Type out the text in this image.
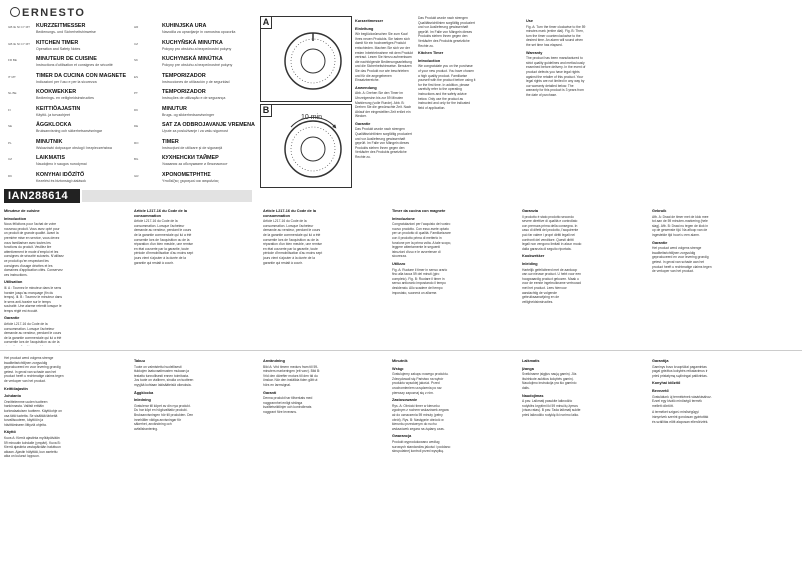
ERNESTO
GB IE NI CY MT	KURZZEITMESSER
Bedienungs- und Sicherheitshinweise
GB IE NI CY MT	KITCHEN TIMER
Operation and Safety Notes
FR BE	MINUTEUR DE CUISINE
Instructions d'utilisation et consignes de sécurité
IT MT	TIMER DA CUCINA CON MAGNETE
Indicazioni per l'uso e per la sicurezza
NL BE	KOOKWEKKER
Bedienings- en veiligheidsinstructies
FI	KEITTIÖAJASTIN
Käyttö- ja turvaohjeet
SE	ÄGGKLOCKA
Bruksanvisning och säkerhetsanvisningar
PL	MINUTNIK
Wskazówki dotyczące obsługi i bezpieczeństwa
CZ	LAIKMATIS
Naudojimo ir saugos nurodymai
DK	KONYHAI IDŐZÍTŐ
Kezelési és biztonsági utalások
HR	KUHINJSKA URA
Navodila za upravljanje in varnostna opozorila
CZ	KUCHYŇSKÁ MINUTKA
Pokyny pro obsluhu a bezpečnostní pokyny
SK	KUCHYNSKÁ MINÚTKA
Pokyny pre obsluhu a bezpečnostné pokyny
ES	TEMPORIZADOR
Instrucciones de utilización y de seguridad
PT	TEMPORIZADOR
Instruções de utilização e de segurança
DK	MINUTUR
Brugs- og sikkerhedsanvisninger
DE	SAT ZA ODBROJAVANJE VREMENA
Upute za posluživanje i za vašu sigurnost
RO	TIMER
Instrucţiuni de utilizare şi de siguranţă
BG	КУХНЕНСКИ ТАЙМЕР
Указания за обслужване и безопасност
GR	ΧΡΟΝΟΜΕΤΡΗΤΗΣ
Υποδείξεις χειρισμού και ασφαλείας
IAN288614
A
10 min
B
Kurzzeitmesser
Einleitung

Wir beglückwünschen Sie zum Kauf Ihres neuen Produkts. Sie haben sich damit für ein hochwertiges Produkt entschieden. Machen Sie sich vor der ersten Inbetriebnahme mit dem Produkt vertraut. Lesen Sie hierzu aufmerksam die nachfolgende Bedienungsanleitung und die Sicherheitshinweise. Benutzen Sie das Produkt nur wie beschrieben und für die angegebenen Einsatzbereiche.

Anwendung

Abb. A: Drehen Sie den Timer im Uhrzeigersinn bis zur 59 Minuten Markierung (volle Runde). Abb. B: Drehen Sie die gewünschte Zeit. Nach Ablauf der eingestellten Zeit ertönt ein Wecker.

Garantie

Das Produkt wurde nach strengen Qualitätsrichtlinien sorgfältig produziert und vor Auslieferung gewissenhaft geprüft. Im Falle von Mängeln dieses Produkts stehen Ihnen gegen den Verkäufer des Produkts gesetzliche Rechte zu.

Das Produkt wurde nach strengen Qualitätsrichtlinien sorgfältig produziert und vor Auslieferung gewissenhaft geprüft. Im Falle von Mängeln dieses Produkts stehen Ihnen gegen den Verkäufer des Produkts gesetzliche Rechte zu.

Kitchen Timer
Introduction

We congratulate you on the purchase of your new product. You have chosen a high quality product. Familiarise yourself with the product before using it for the first time. In addition, please carefully refer to the operating instructions and the safety advice below. Only use the product as instructed and only for the indicated field of application.

Use

Fig. A: Turn the timer clockwise to the 59 minutes mark (entire dial). Fig. B: Then, turn the timer counterclockwise to the desired time. An alarm will sound when the set time has elapsed.

Warranty

The product has been manufactured to strict quality guidelines and meticulously examined before delivery. In the event of product defects you have legal rights against the retailer of this product. Your legal rights are not limited in any way by our warranty detailed below. The warranty for this product is 3 years from the date of purchase.

Minuteur de cuisine
Introduction

Nous félicitons pour l'achat de votre nouveau produit. Vous avez opté pour un produit de grande qualité. Avant la première mise en service, vous devez vous familiariser avec toutes les fonctions du produit. Veuillez lire attentivement le mode d'emploi et les consignes de sécurité suivants. N'utilisez ce produit qu'en respectant les consignes d'usage décrites et les domaines d'application cités. Conservez ces instructions.

Utilisation

Ill. A : Tournez le minuteur dans le sens horaire jusqu'au marquage (fin du temps). Ill. B : Tournez le minuteur dans le sens anti-horaire sur le temps souhaité. Une alarme retentit lorsque le temps réglé est écoulé.

Garantie

Article L217-16 du Code de la consommation. Lorsque l'acheteur demande au vendeur, pendant le cours de la garantie commerciale qui lui a été consentie lors de l'acquisition ou de la

Article L217-16 du Code de la consommation

Article L217-16 du Code de la consommation. Lorsque l'acheteur demande au vendeur, pendant le cours de la garantie commerciale qui lui a été consentie lors de l'acquisition ou de la réparation d'un bien meuble, une remise en état couverte par la garantie, toute période d'immobilisation d'au moins sept jours vient s'ajouter à la durée de la garantie qui restait à courir.

Article L217-16 du Code de la consommation

Article L217-16 du Code de la consommation. Lorsque l'acheteur demande au vendeur, pendant le cours de la garantie commerciale qui lui a été consentie lors de l'acquisition ou de la réparation d'un bien meuble, une remise en état couverte par la garantie, toute période d'immobilisation d'au moins sept jours vient s'ajouter à la durée de la garantie qui restait à courir.

Timer da cucina con magnete
Introduzione

Congratulazioni per l'acquisto del vostro nuovo prodotto. Con esso avete optato per un prodotto di qualità. Familiarizzare con il prodotto prima di metterlo in funzione per la prima volta. A tale scopo, leggere attentamente le seguenti istruzioni d'uso e le avvertenze di sicurezza.

Utilizzo

Fig. A: Ruotare il timer in senso orario fino alla tacca 59 del minuti (giro completo). Fig. B: Ruotare il timer in senso antiorario impostando il tempo desiderato. Allo scadere del tempo impostato, suonerà un allarme.

Garanzia

Il prodotto è stato prodotto secondo severe direttive di qualità e controllato con premura prima della consegna. In caso di difetti del prodotto, l'acquirente può far valere i propri diritti legali nei confronti del venditore. Questi diritti legali non vengono limitati in alcun modo dalla garanzia di seguito riportata.

Kookwekker
Inleiding

Hartelijk gefeliciteerd met de aankoop van uw nieuwe product. U hebt voor een hoogwaardig product gekozen. Maak u voor de eerste ingebruikname vertrouwd met het product. Lees hiervoor aandachtig de volgende gebruiksaanwijzing en de veiligheidsinstructies.

Gebruik

Afb. A: Draai de timer met de klok mee tot aan de 59 minuten-markering (hele slag). Afb. B: Draai nu tegen de klok in op de gewenste tijd. Na afloop van de ingestelde tijd hoort u een alarm.

Garantie

Het product werd volgens strenge kwaliteitsrichtlijnen zorgvuldig geproduceerd en voor levering grondig getest. In geval van schade aan het product heeft u rechtmatige claims tegen de verkoper van het product.

Het product werd volgens strenge kwaliteitsrichtlijnen zorgvuldig geproduceerd en voor levering grondig getest. In geval van schade aan het product heeft u rechtmatige claims tegen de verkoper van het product.

Keittiöajastin
Johdanto

Onnittelemme uuden tuotteen hankinnasta. Valitsit erittäin korkealaatuisen tuotteen. Käyttöohje on osa tätä tuotetta. Se sisältää tärkeitä turvallisuuteen, käyttöön ja hävittämiseen liittyviä ohjeita.

Käyttö

Kuva A: Kierrä ajastinta myötäpäivään 59 minuutin kohdalle (ympäri). Kuva B: Kierrä ajastinta vastapäivään haluttuun aikaan. Ajastin hälyttää, kun asetettu aika on kulunut loppuun.

Takuu

Tuote on valmistettu huolellisesti tiukkojen laatuvaatimusten mukaan ja testattu tunnollisesti ennen toimitusta. Jos tuote on viallinen, sinulla on tuotteen myyjää kohtaan lakisääteisiä oikeuksia.

Äggklocka
Inledning

Gratulerar till köpet av din nya produkt. Du har köpt en högkvalitativ produkt. Bruksanvisningen hör till produkten. Den innehåller viktiga anvisningar för säkerhet, användning och avfallshantering.

Användning

Bild A: Vrid timern medurs fram till 59-minuters markeringen (ett varv). Bild B: Vrid den därefter moturs till den tid du önskar. När den inställda tiden gått ut hörs en larmsignal.

Garanti

Denna produkt har tillverkats med noggrannhet enligt stränga kvalitetsriktlinjer och kontrollerats noggrant före leverans.

Minutnik
Wstęp

Gratulujemy zakupu nowego produktu. Zdecydowali się Państwo na wybór produktu wysokiej jakości. Przed uruchomieniem urządzenia po raz pierwszy zapoznaj się z nim.

Zastosowanie

Rys. A: Obrócić timer w kierunku zgodnym z ruchem wskazówek zegara aż do oznaczenia 59 minuty (pełny obrót). Rys. B: Następnie obrócić w kierunku przeciwnym do ruchu wskazówek zegara na żądany czas.

Gwarancja

Produkt wyprodukowano według surowych standardów jakości i poddano skrupulatnej kontroli przed wysyłką.

Laikmatis
Įžanga

Sveikiname įsigijus naują gaminį. Jūs išsirinkote aukštos kokybės gaminį. Naudojimo instrukcija yra šio gaminio dalis.

Naudojimas

A pav. Laikmatį pasukite laikrodžio rodyklės kryptimi iki 59 minučių žymos (visas ratas). B pav. Tada laikmatį sukite prieš laikrodžio rodyklę iki norimo laiko.

Garantija

Gaminys buvo kruopščiai pagamintas pagal griežtus kokybės reikalavimus ir prieš pristatymą sąžiningai patikrintas.

Konyhai időzítő
Bevezető

Gratulálunk új termékének vásárlásához. Ezzel egy kiváló minőségű termék mellett döntött.

A terméket szigorú minőségügyi irányelvek szerint gondosan gyártották és szállítás előtt alaposan ellenőrizték.
